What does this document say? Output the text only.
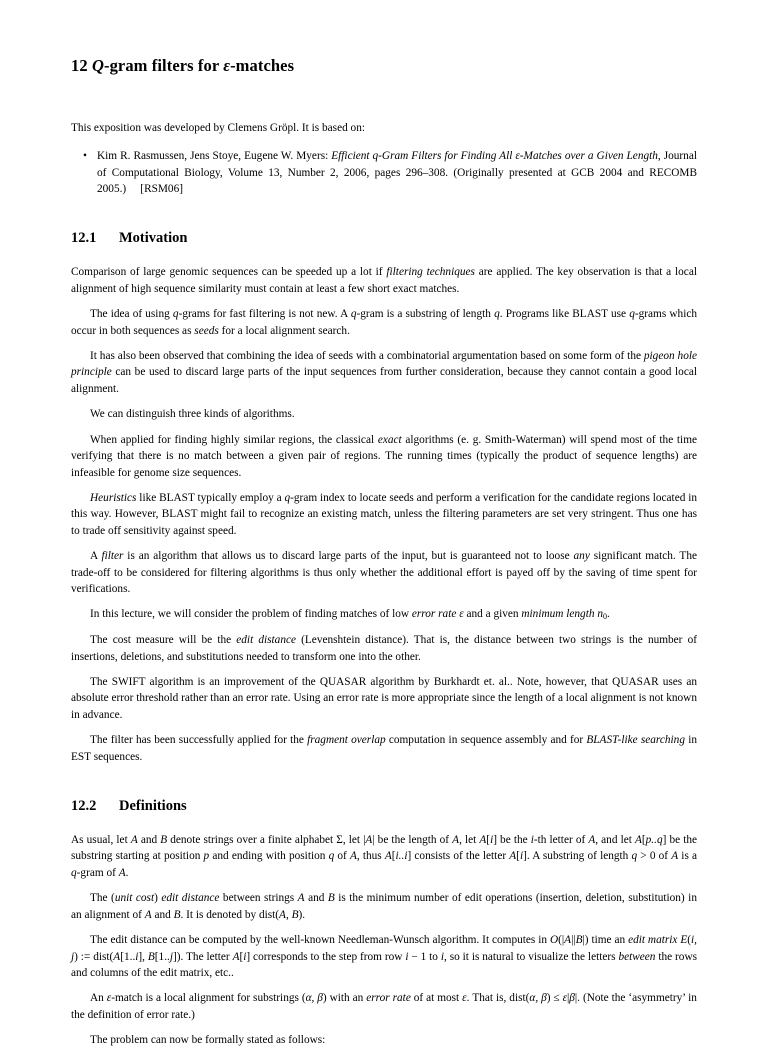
12 Q-gram filters for ε-matches
This exposition was developed by Clemens Gröpl. It is based on:
• Kim R. Rasmussen, Jens Stoye, Eugene W. Myers: Efficient q-Gram Filters for Finding All ε-Matches over a Given Length, Journal of Computational Biology, Volume 13, Number 2, 2006, pages 296–308. (Originally presented at GCB 2004 and RECOMB 2005.)     [RSM06]
12.1 Motivation

Comparison of large genomic sequences can be speeded up a lot if filtering techniques are applied. The key observation is that a local alignment of high sequence similarity must contain at least a few short exact matches.

The idea of using q-grams for fast filtering is not new. A q-gram is a substring of length q. Programs like BLAST use q-grams which occur in both sequences as seeds for a local alignment search.

It has also been observed that combining the idea of seeds with a combinatorial argumentation based on some form of the pigeon hole principle can be used to discard large parts of the input sequences from further consideration, because they cannot contain a good local alignment.

We can distinguish three kinds of algorithms.

When applied for finding highly similar regions, the classical exact algorithms (e. g. Smith-Waterman) will spend most of the time verifying that there is no match between a given pair of regions. The running times (typically the product of sequence lengths) are infeasible for genome size sequences.

Heuristics like BLAST typically employ a q-gram index to locate seeds and perform a verification for the candidate regions located in this way. However, BLAST might fail to recognize an existing match, unless the filtering parameters are set very stringent. Thus one has to trade off sensitivity against speed.

A filter is an algorithm that allows us to discard large parts of the input, but is guaranteed not to loose any significant match. The trade-off to be considered for filtering algorithms is thus only whether the additional effort is payed off by the saving of time spent for verifications.

In this lecture, we will consider the problem of finding matches of low error rate ε and a given minimum length $n_0$.

The cost measure will be the edit distance (Levenshtein distance). That is, the distance between two strings is the number of insertions, deletions, and substitutions needed to transform one into the other.

The SWIFT algorithm is an improvement of the QUASAR algorithm by Burkhardt et. al.. Note, however, that QUASAR uses an absolute error threshold rather than an error rate. Using an error rate is more appropriate since the length of a local alignment is not known in advance.

The filter has been successfully applied for the fragment overlap computation in sequence assembly and for BLAST-like searching in EST sequences.

12.2 Definitions

As usual, let A and B denote strings over a finite alphabet Σ, let |A| be the length of A, let A[i] be the i-th letter of A, and let A[p..q] be the substring starting at position p and ending with position q of A, thus A[i..i] consists of the letter A[i]. A substring of length q > 0 of A is a q-gram of A.

The (unit cost) edit distance between strings A and B is the minimum number of edit operations (insertion, deletion, substitution) in an alignment of A and B. It is denoted by dist(A, B).

The edit distance can be computed by the well-known Needleman-Wunsch algorithm. It computes in O(|A||B|) time an edit matrix E(i, j) := dist(A[1..i], B[1..j]). The letter A[i] corresponds to the step from row i − 1 to i, so it is natural to visualize the letters between the rows and columns of the edit matrix, etc..

An ε-match is a local alignment for substrings (α, β) with an error rate of at most ε. That is, dist(α, β) ≤ ε|β|. (Note the ‘asymmetry’ in the definition of error rate.)

The problem can now be formally stated as follows:
